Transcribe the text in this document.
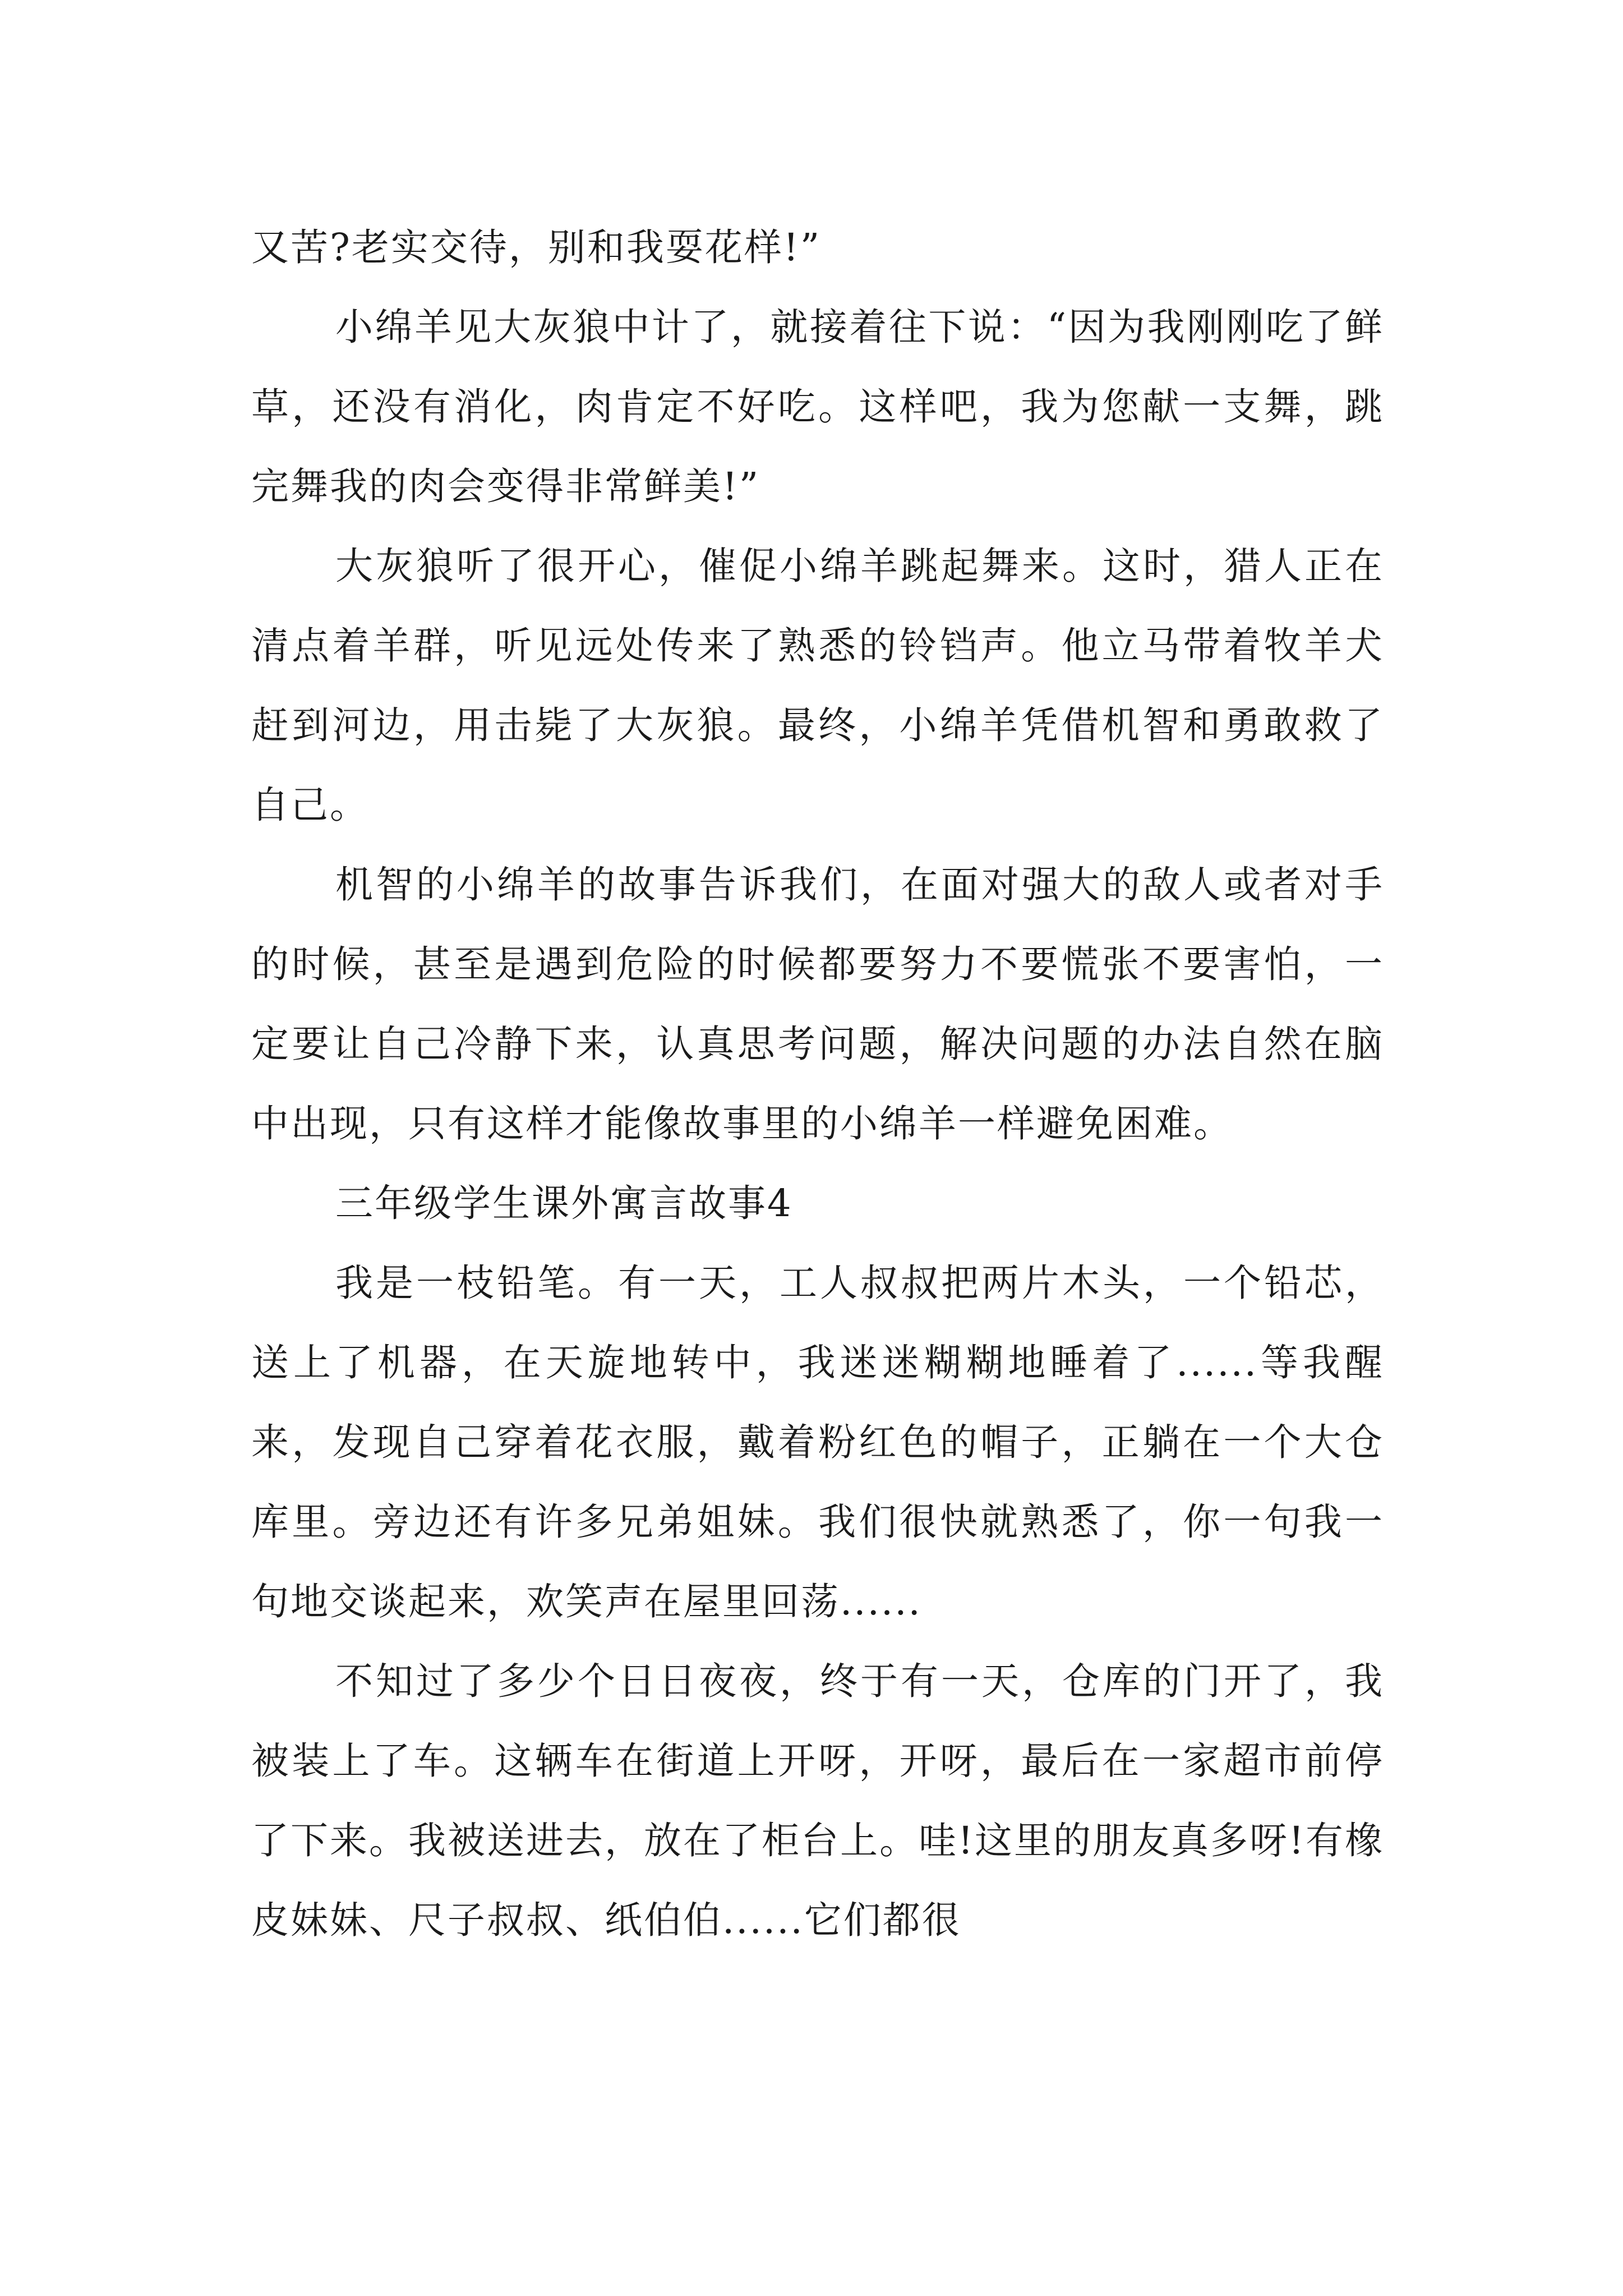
又苦?老实交待，别和我耍花样!”

小绵羊见大灰狼中计了，就接着往下说：“因为我刚刚吃了鲜草，还没有消化，肉肯定不好吃。这样吧，我为您献一支舞，跳完舞我的肉会变得非常鲜美!”

大灰狼听了很开心，催促小绵羊跳起舞来。这时，猎人正在清点着羊群，听见远处传来了熟悉的铃铛声。他立马带着牧羊犬赶到河边，用击毙了大灰狼。最终，小绵羊凭借机智和勇敢救了自己。

机智的小绵羊的故事告诉我们，在面对强大的敌人或者对手的时候，甚至是遇到危险的时候都要努力不要慌张不要害怕，一定要让自己冷静下来，认真思考问题，解决问题的办法自然在脑中出现，只有这样才能像故事里的小绵羊一样避免困难。

三年级学生课外寓言故事4

我是一枝铅笔。有一天，工人叔叔把两片木头，一个铅芯，送上了机器，在天旋地转中，我迷迷糊糊地睡着了......等我醒来，发现自己穿着花衣服，戴着粉红色的帽子，正躺在一个大仓库里。旁边还有许多兄弟姐妹。我们很快就熟悉了，你一句我一句地交谈起来，欢笑声在屋里回荡......

不知过了多少个日日夜夜，终于有一天，仓库的门开了，我被装上了车。这辆车在街道上开呀，开呀，最后在一家超市前停了下来。我被送进去，放在了柜台上。哇!这里的朋友真多呀!有橡皮妹妹、尺子叔叔、纸伯伯......它们都很
